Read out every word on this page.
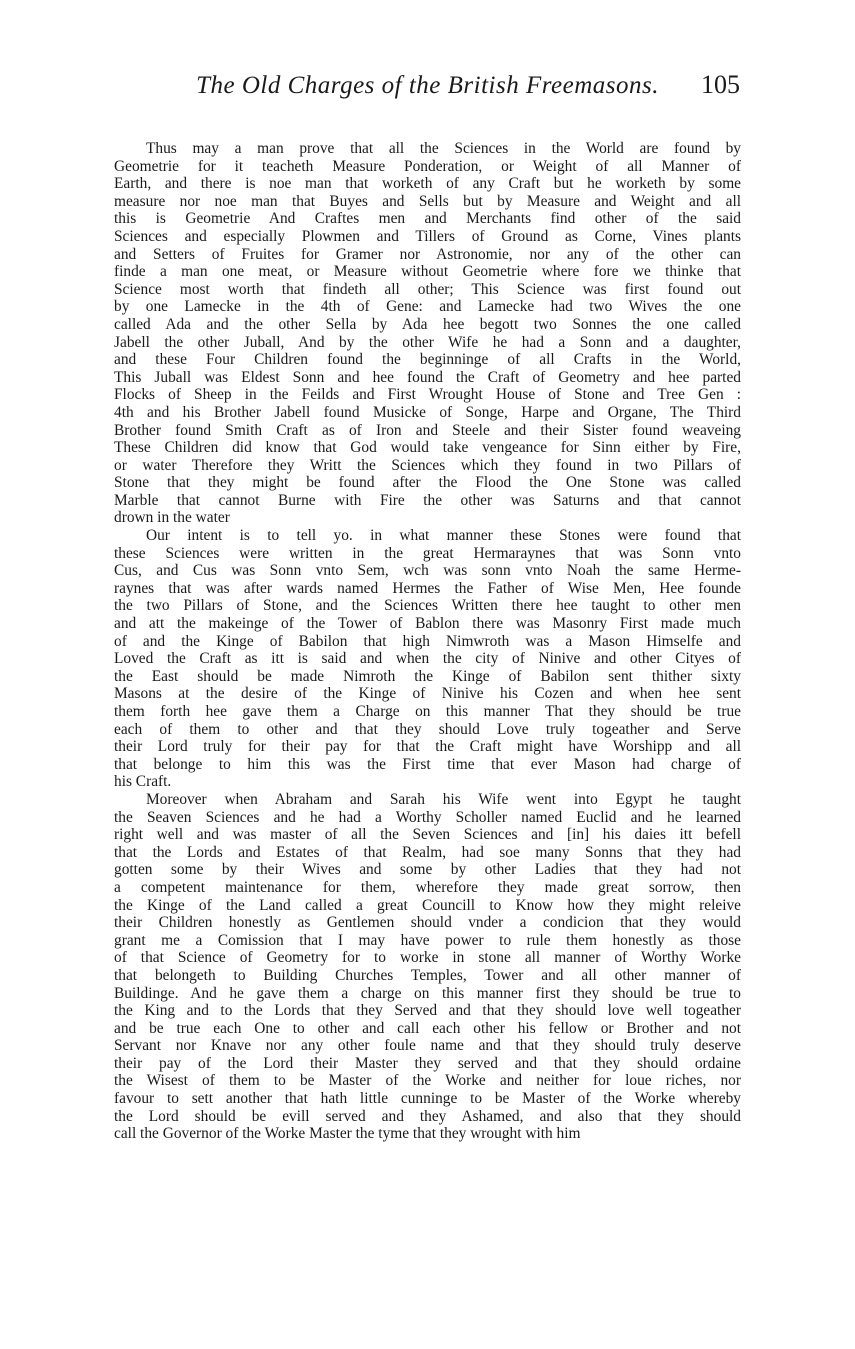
The Old Charges of the British Freemasons. 105
Thus may a man prove that all the Sciences in the World are found by
Geometrie for it teacheth Measure Ponderation, or Weight of all Manner of
Earth, and there is noe man that worketh of any Craft but he worketh by some
measure nor noe man that Buyes and Sells but by Measure and Weight and all
this is Geometrie And Craftes men and Merchants find other of the said
Sciences and especially Plowmen and Tillers of Ground as Corne, Vines plants
and Setters of Fruites for Gramer nor Astronomie, nor any of the other can
finde a man one meat, or Measure without Geometrie where fore we thinke that
Science most worth that findeth all other; This Science was first found out
by one Lamecke in the 4th of Gene: and Lamecke had two Wives the one
called Ada and the other Sella by Ada hee begott two Sonnes the one called
Jabell the other Juball, And by the other Wife he had a Sonn and a daughter,
and these Four Children found the beginninge of all Crafts in the World,
This Juball was Eldest Sonn and hee found the Craft of Geometry and hee parted
Flocks of Sheep in the Feilds and First Wrought House of Stone and Tree Gen :
4th and his Brother Jabell found Musicke of Songe, Harpe and Organe, The Third
Brother found Smith Craft as of Iron and Steele and their Sister found weaveing
These Children did know that God would take vengeance for Sinn either by Fire,
or water Therefore they Writt the Sciences which they found in two Pillars of
Stone that they might be found after the Flood the One Stone was called
Marble that cannot Burne with Fire the other was Saturns and that cannot
drown in the water
Our intent is to tell yo. in what manner these Stones were found that
these Sciences were written in the great Hermaraynes that was Sonn vnto
Cus, and Cus was Sonn vnto Sem, wch was sonn vnto Noah the same Herme-
raynes that was after wards named Hermes the Father of Wise Men, Hee founde
the two Pillars of Stone, and the Sciences Written there hee taught to other men
and att the makeinge of the Tower of Bablon there was Masonry First made much
of and the Kinge of Babilon that high Nimwroth was a Mason Himselfe and
Loved the Craft as itt is said and when the city of Ninive and other Cityes of
the East should be made Nimroth the Kinge of Babilon sent thither sixty
Masons at the desire of the Kinge of Ninive his Cozen and when hee sent
them forth hee gave them a Charge on this manner That they should be true
each of them to other and that they should Love truly togeather and Serve
their Lord truly for their pay for that the Craft might have Worshipp and all
that belonge to him this was the First time that ever Mason had charge of
his Craft.
Moreover when Abraham and Sarah his Wife went into Egypt he taught
the Seaven Sciences and he had a Worthy Scholler named Euclid and he learned
right well and was master of all the Seven Sciences and [in] his daies itt befell
that the Lords and Estates of that Realm, had soe many Sonns that they had
gotten some by their Wives and some by other Ladies that they had not
a competent maintenance for them, wherefore they made great sorrow, then
the Kinge of the Land called a great Councill to Know how they might releive
their Children honestly as Gentlemen should vnder a condicion that they would
grant me a Comission that I may have power to rule them honestly as those
of that Science of Geometry for to worke in stone all manner of Worthy Worke
that belongeth to Building Churches Temples, Tower and all other manner of
Buildinge. And he gave them a charge on this manner first they should be true to
the King and to the Lords that they Served and that they should love well togeather
and be true each One to other and call each other his fellow or Brother and not
Servant nor Knave nor any other foule name and that they should truly deserve
their pay of the Lord their Master they served and that they should ordaine
the Wisest of them to be Master of the Worke and neither for loue riches, nor
favour to sett another that hath little cunninge to be Master of the Worke whereby
the Lord should be evill served and they Ashamed, and also that they should
call the Governor of the Worke Master the tyme that they wrought with him
